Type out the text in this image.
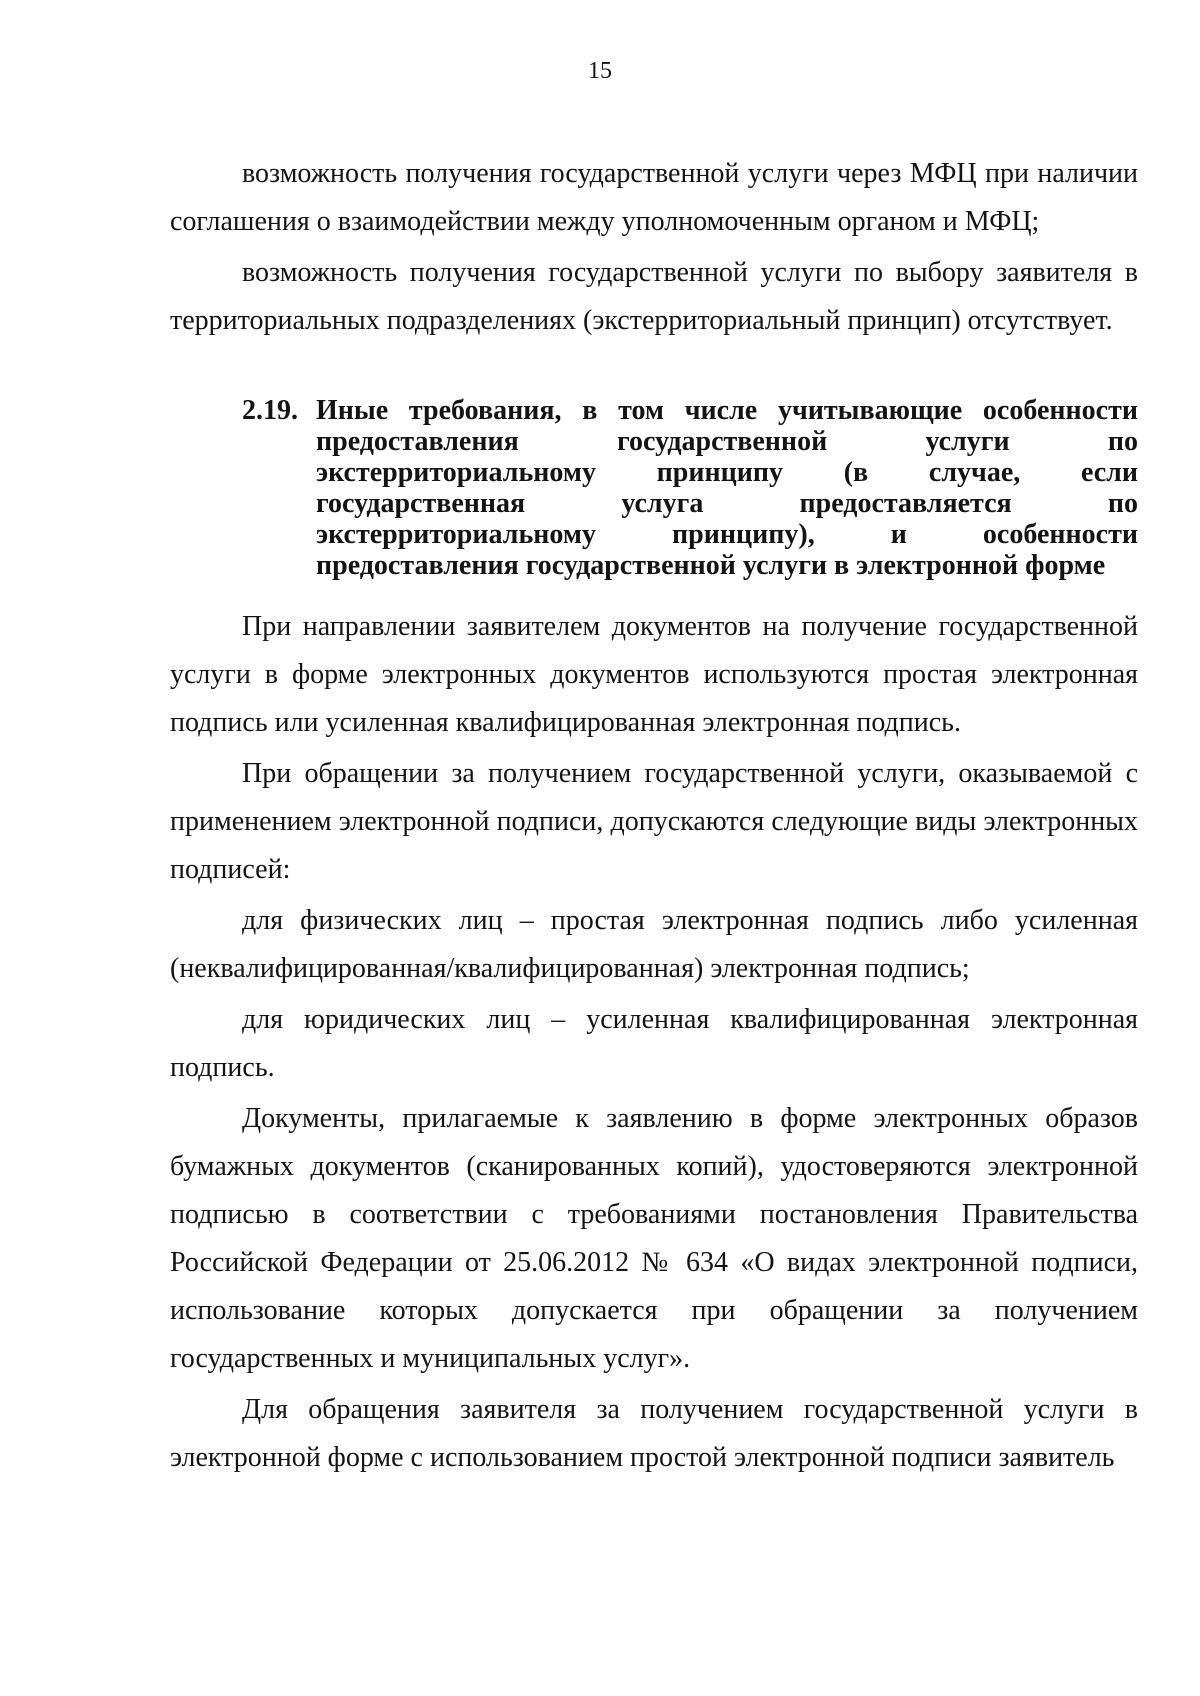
15

возможность получения государственной услуги через МФЦ при наличии соглашения о взаимодействии между уполномоченным органом и МФЦ;

возможность получения государственной услуги по выбору заявителя в территориальных подразделениях (экстерриториальный принцип) отсутствует.

2.19. Иные требования, в том числе учитывающие особенности предоставления государственной услуги по экстерриториальному принципу (в случае, если государственная услуга предоставляется по экстерриториальному принципу), и особенности предоставления государственной услуги в электронной форме

При направлении заявителем документов на получение государственной услуги в форме электронных документов используются простая электронная подпись или усиленная квалифицированная электронная подпись.

При обращении за получением государственной услуги, оказываемой с применением электронной подписи, допускаются следующие виды электронных подписей:

для физических лиц – простая электронная подпись либо усиленная (неквалифицированная/квалифицированная) электронная подпись;

для юридических лиц – усиленная квалифицированная электронная подпись.

Документы, прилагаемые к заявлению в форме электронных образов бумажных документов (сканированных копий), удостоверяются электронной подписью в соответствии с требованиями постановления Правительства Российской Федерации от 25.06.2012 № 634 «О видах электронной подписи, использование которых допускается при обращении за получением государственных и муниципальных услуг».

Для обращения заявителя за получением государственной услуги в электронной форме с использованием простой электронной подписи заявитель
